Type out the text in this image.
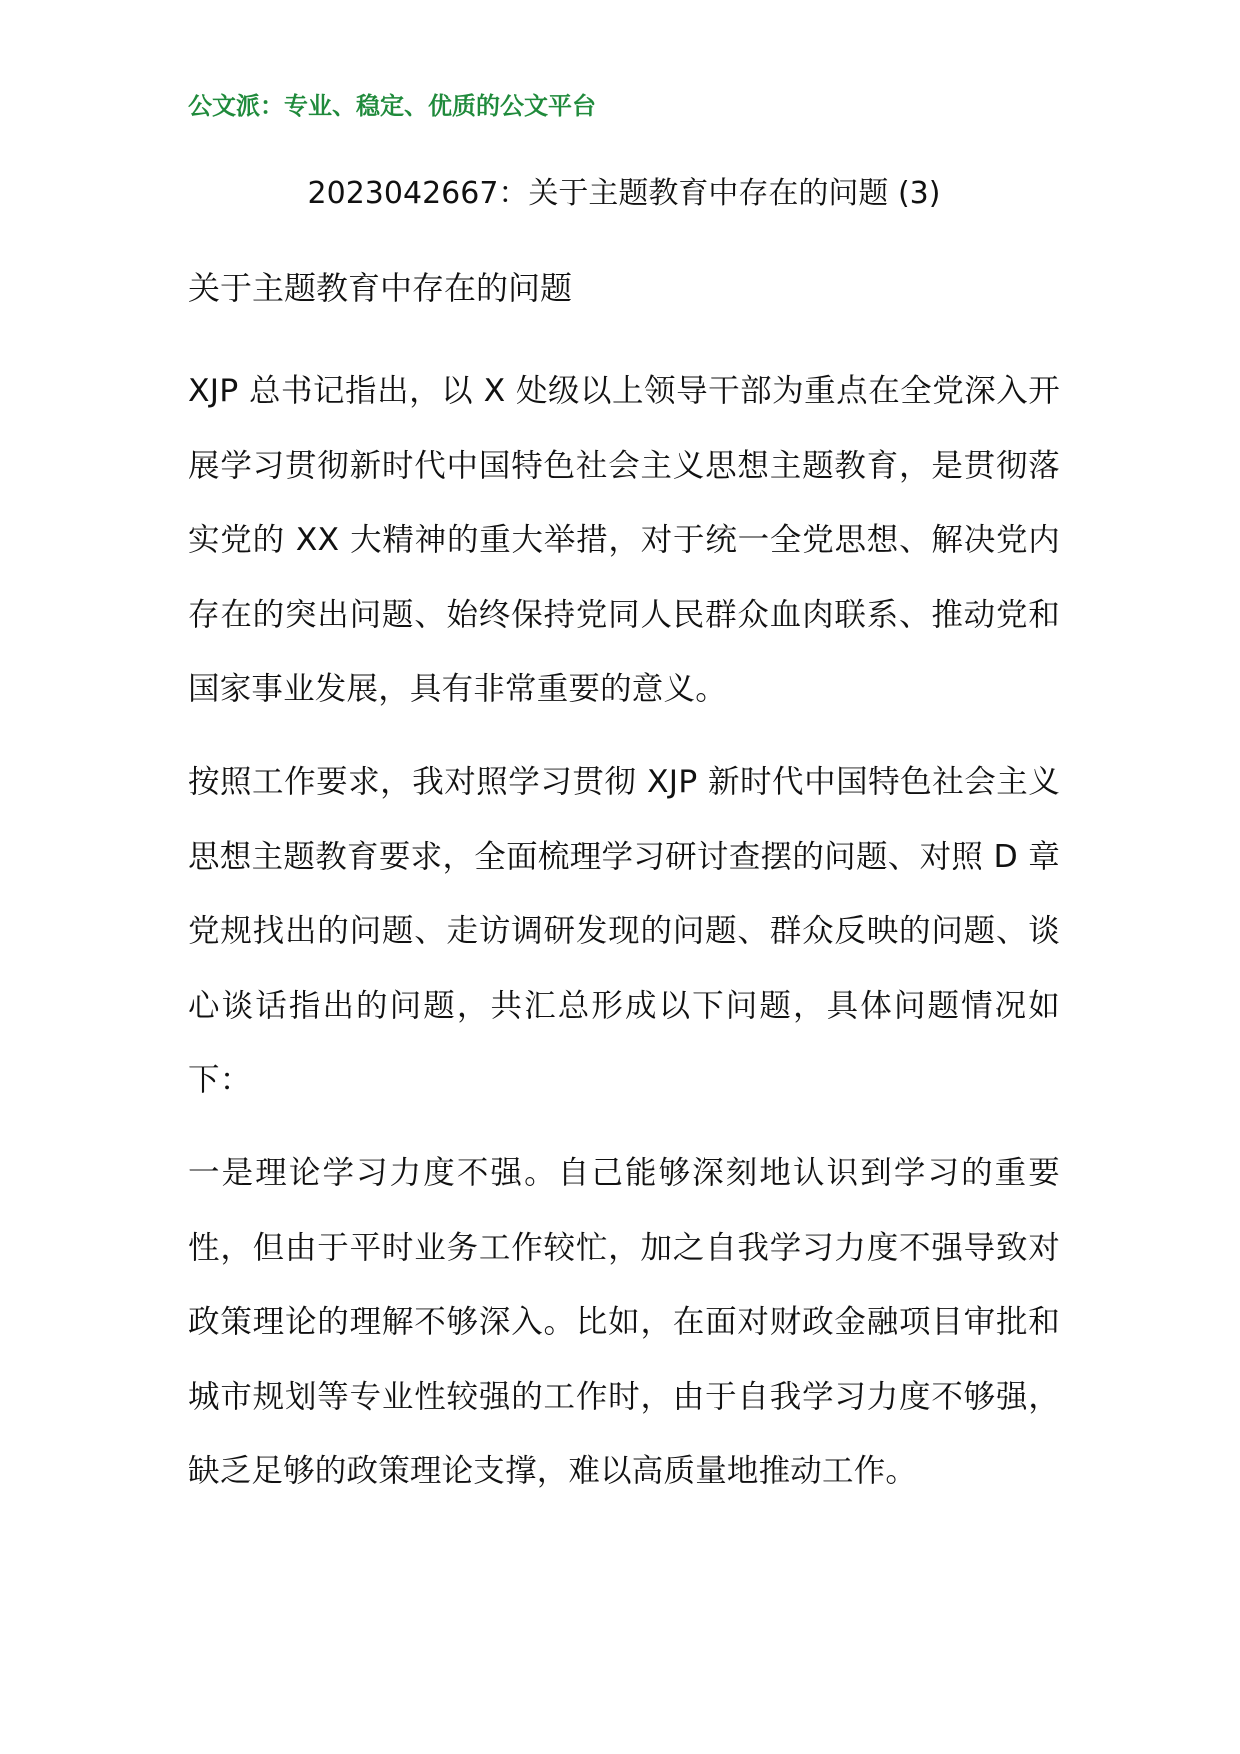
公文派：专业、稳定、优质的公文平台
2023042667：关于主题教育中存在的问题 (3)
关于主题教育中存在的问题

XJP 总书记指出，以 X 处级以上领导干部为重点在全党深入开展学习贯彻新时代中国特色社会主义思想主题教育，是贯彻落实党的 XX 大精神的重大举措，对于统一全党思想、解决党内存在的突出问题、始终保持党同人民群众血肉联系、推动党和国家事业发展，具有非常重要的意义。

按照工作要求，我对照学习贯彻 XJP 新时代中国特色社会主义思想主题教育要求，全面梳理学习研讨查摆的问题、对照 D 章党规找出的问题、走访调研发现的问题、群众反映的问题、谈心谈话指出的问题，共汇总形成以下问题，具体问题情况如下：

一是理论学习力度不强。自己能够深刻地认识到学习的重要性，但由于平时业务工作较忙，加之自我学习力度不强导致对政策理论的理解不够深入。比如，在面对财政金融项目审批和城市规划等专业性较强的工作时，由于自我学习力度不够强，缺乏足够的政策理论支撑，难以高质量地推动工作。
